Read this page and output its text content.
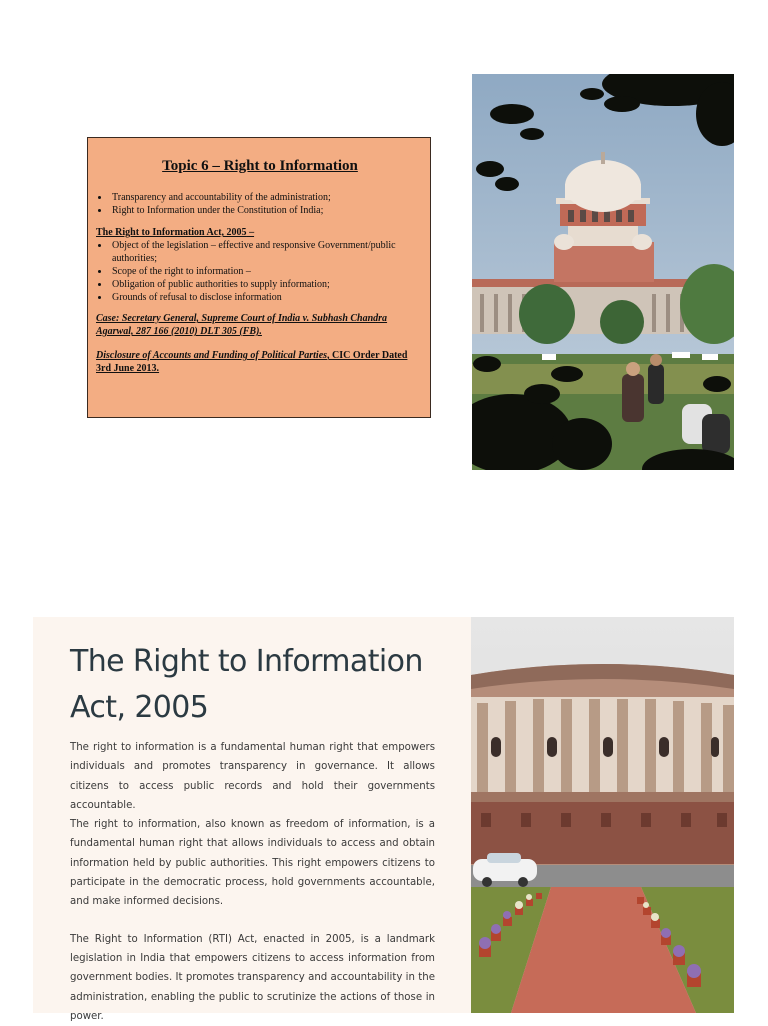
Topic 6 – Right to Information
• Transparency and accountability of the administration;
• Right to Information under the Constitution of India;
The Right to Information Act, 2005 –
• Object of the legislation – effective and responsive Government/public authorities;
• Scope of the right to information –
• Obligation of public authorities to supply information;
• Grounds of refusal to disclose information
Case: Secretary General, Supreme Court of India v. Subhash Chandra Agarwal, 287 166 (2010) DLT 305 (FB).
Disclosure of Accounts and Funding of Political Parties, CIC Order Dated 3rd June 2013.
The Right to Information Act, 2005

The right to information is a fundamental human right that empowers individuals and promotes transparency in governance. It allows citizens to access public records and hold their governments accountable.

The right to information, also known as freedom of information, is a fundamental human right that allows individuals to access and obtain information held by public authorities. This right empowers citizens to participate in the democratic process, hold governments accountable, and make informed decisions.

The Right to Information (RTI) Act, enacted in 2005, is a landmark legislation in India that empowers citizens to access information from government bodies. It promotes transparency and accountability in the administration, enabling the public to scrutinize the actions of those in power.
